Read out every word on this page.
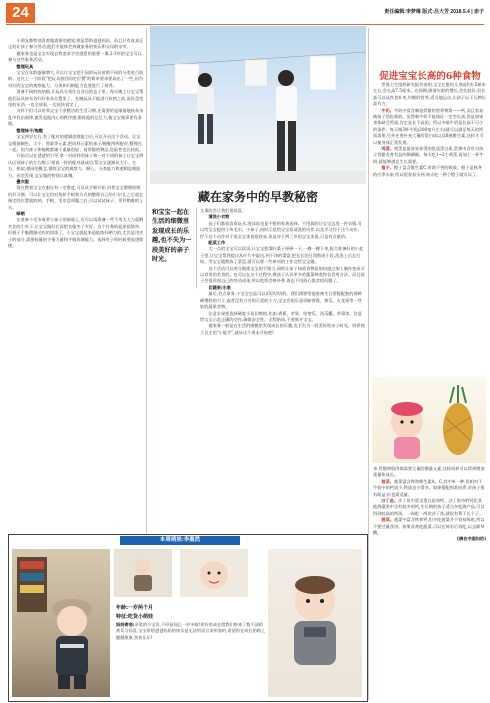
24	责任编辑:李梦琳 版式:吕大芳 2018.5.4 | 亲子
小朋友都特别喜欢做需要的感觉,照是帮助爸爸妈妈。而且只有真真正正的让孩子参与劳动,他们才能体会到做家务的快乐和父母的辛劳。
做家务也是宝宝实现自我追求学会感恩的重要一课,2-3岁的宝宝可以参与这些家务活动。
整理玩具
宝宝在年龄逐渐增大,可以让宝宝把不同的玩具按照不同的分类进行收纳。这比上一个阶段"把玩具放回固定位置"的简单要求要高出了一些,因为对应的宝宝的观察能力、分类和归纳能力也要进行了培养。
准备不同的收纳箱,让玩具分类往自各自的盒子里。每天晚上让宝宝帮他们玩具按东各归好家具位置里了。在晚玩具不能进行收纳之前,说好盘里里的东西,一边全部看,一边说快说定了。
这样不但可以培养宝宝干净整洁的生活习惯,还需要的是渐渐地按从杂乱中找出规律,激发起他内心的秩序感,锻炼他的记忆力,使宝宝做事更有条理。
整理袜子/拖鞋
宝宝两岁左右,有了配对的逻辑思维能力后,可以开启这个活动。让宝宝根据颜色、大小、图案等元素,把同样元素的袜子/拖鞋两两配对,整理在一起。因为袜子和拖鞋都属于重量很轻、易掌握的物品,危险性也比较低。
开始可以在爸爸的引导,拿一对同样的袜子和一对不同的袜子让宝宝辨认区别袜子的左右脚,只要真一样的配对就成功,帮宝宝逐渐从大小、左右、相似,相同的概念,锻炼宝宝的观察力、耐心、分类能力和逻辑思维能力。你会发现,宝宝做的特别认真哦。
叠衣服
现在教着宝宝衣服还有一定难度,可以从手帕开始,培养宝宝整理收纳的好习惯。可以让宝宝用对角折手帕和方式的整理自己的小方巾,之后放在指定的位置就收纳。手帕、毛巾没叩题之后,可以试试袜子、男衫稍难的上衣。
晾晒
在准备小毛巾或者小袜子的基础上,还可以再准备一些不用太大力就晒夹住的小夹子,让宝宝做好后再把衣服夹子夹好。这个任务的起来很简单,但锻子手眼精细动作的训练了。小宝宝就起来造能练好晒力的,尤其是用夹子的部分,需要较量的手指力量和手眼协调能力。选择夹子的时候要放进简便。
藏在家务中的早教秘密
和宝宝一起在生活的细微里发现成长的乐趣,也不失为一段美好的亲子时光。
太事的会让我们很惊喜。
清洗小衣物
孩子们都很喜欢玩水,泡沫再也是不错的家务选择。不用真的让宝宝去洗一件衣服,可以给宝宝提供小块毛巾、小袜子,同时示范给宝宝看清洗的动作,以及学习拧干这个动作。拧干这个动作对于很宝宝来说很容易,但是对于两三岁的宝宝来说,可是有点难的。
配菜工作
大一点的宝宝可以试试,让宝宝把菜叶菜子择择一下,一棵一棵下来,配合准备好的小盆子里,让宝宝帮我提议从叶片中取出,到干净的菜盘,把长长的豆角剪成小段,洗洗上后去打结。等宝宝做熟练了菜盘,就可以要一些单项的工作交给宝宝做。
这个活动可以充分锻炼宝宝的手指力,同时让孩子知道食物是如何通过加工制作变成可以食用的美食的。也可以在这个过程中,教孩子认识更多的蔬菜种类和各食用方法。而且孩子会很珍视自己的劳动成果,所以吃饭会格外香,再也不用担心挑食的问题了。
切蔬果/水果
最后,有点家务,小宝宝也是可以切切切切的。我们需要给他准备生日蛋糕配套的那种硬塑料的刀子,或者没有刀刃的可爱的小刀,宝宝会很乐意切断香蕉、黄瓜、火龙果等一些软的蔬果食物。
注意水果要选择硬度小易切割的,比如:香蕉、苹果、哈密瓜、西瓜瓤、草莓等。注意给宝宝示范正确的动作,确保安全性。全程陪同,不要离开宝宝。
做家务一般是在生活的细微里发现成长的乐趣,也不失为一段美好的亲子时光。培养独立自主的"小能手",就从这个周末开始吧!
本周萌娃:李惠然
年龄:一岁两个月
特征:吃货小萌娃
妈妈寄语:亲爱的小宝贝,不经意间已一岁多啦!你好的成长给我们带来了数不清的欢乐与惊喜,宝宝带给爸爸妈妈的快乐是无法用语言来形容的,希望你在成长的路上健健康康,快快乐乐!
促进宝宝长高的6种食物
世界卫生组织研究报告表明,宝宝在婴幼儿身高约1.5厘米左右,会长高7.5厘米。在同期,随着年龄的增长,会比较好,但长高可以从饮食补充,均衡的营养,适当地运动,让孩子以下几种长高有方。
牛奶。牛奶中富含制造骨骼的营养物质——钙,而且容易被孩子消化吸收。虽然喝牛奶不能保证一定会长高,但是如果身体缺乏钙质,肯定是长不高的。所以多喝牛奶是长高不可少的条件。每天喝3杯牛奶(200毫升左右)就可以满足每天的钙质需要,另外还要补充大量的蛋白质以及B族维生素,这样才可以使身体正常发育。
鸡蛋。鸡蛋是最容易获得的优质蛋白质,蛋黄中含有对孩子骨骼发育有益的卵磷脂。每天吃1~2个鸡蛋,再加上一杯牛奶,就能够满足生长需要。
橙子。橙子富含维生素C,有助于钙的吸收。橙子是秋冬的应季水果,所以很容易买到,每天吃一两个橙子就可以了。
身,骨骼和肌肉都需要大量的微量元素,这样同样可以得到增加重量和成长。
菠菜。菠菜富含铁和维生素A、C,其中单一种,但相对于牛奶中的钙质少,铁质也少得多。如果搭配肉类同煮,对孩子很有助益,但也需适量。
沙丁鱼。沙丁鱼中富含蛋白质和钙、沙丁鱼中的钙比其他海藻类中含有较多的钙,生长期的孩子适当多吃海产品,可以得到较高的钙质。一周吃一两次沙丁鱼,就很有利于长个子。
菠菜。菠菜中富含铁和钙,但多吃菠菜并不容易吸收,所以不要过量食用。如果喜欢吃菠菜,可以在焯水后再吃,以去除草酸。
(摘自中国妇幼)
